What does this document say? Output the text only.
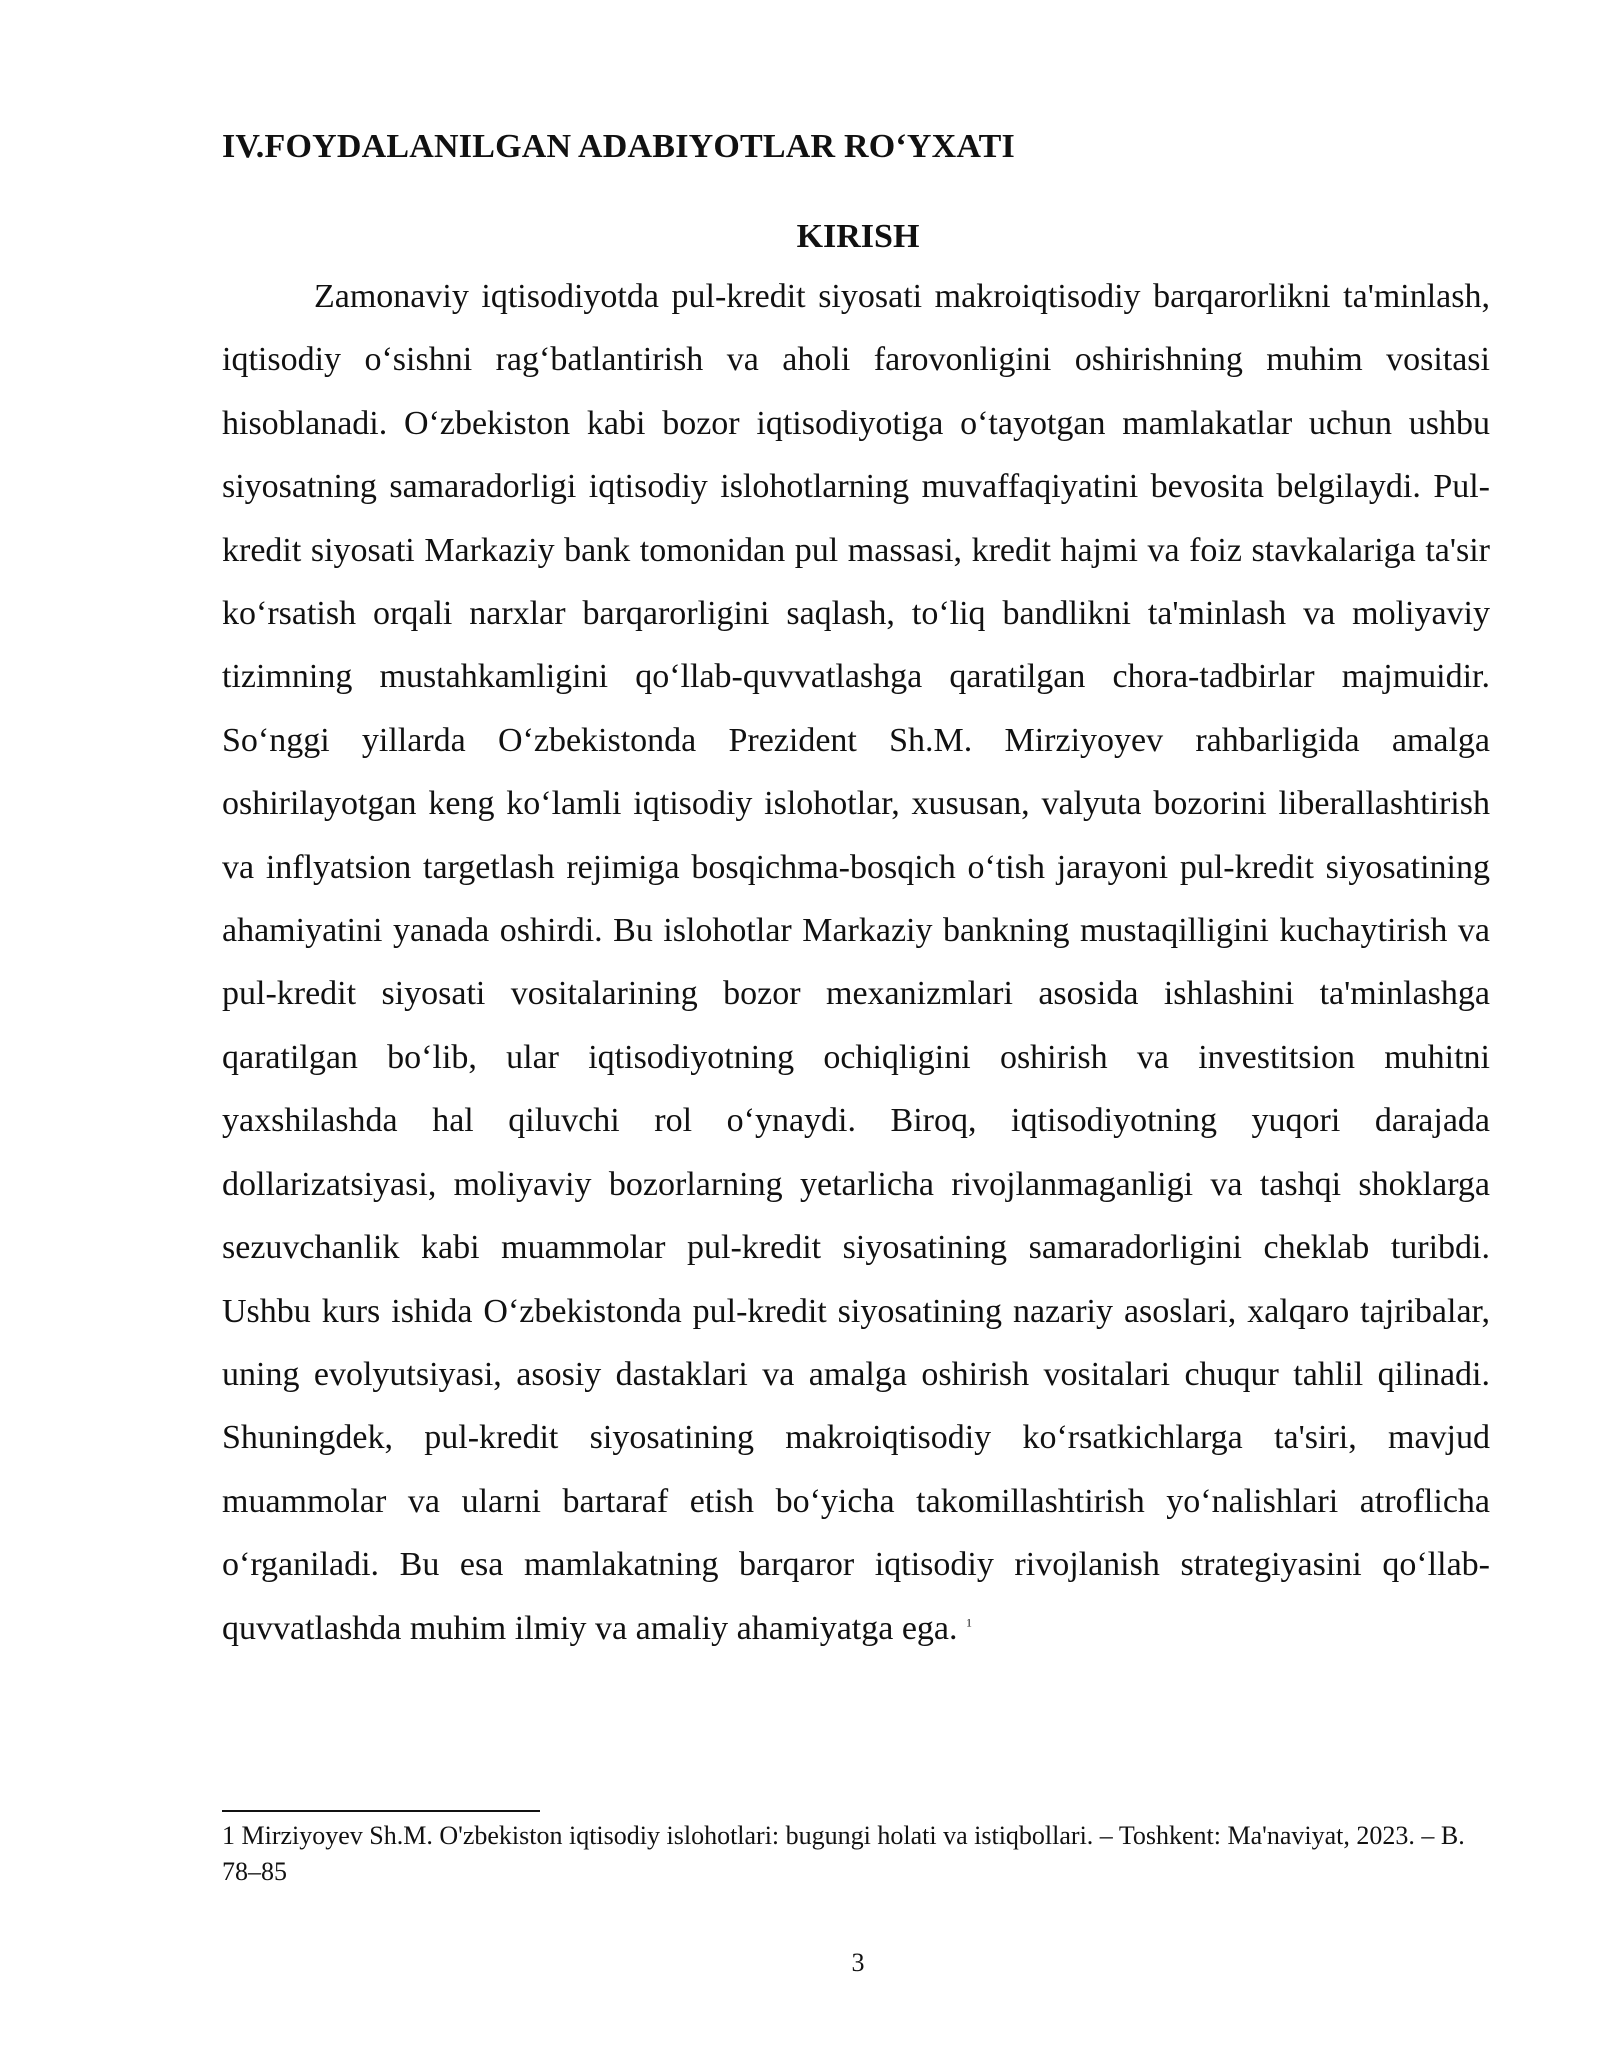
IV.FOYDALANILGAN ADABIYOTLAR RO‘YXATI
KIRISH

Zamonaviy iqtisodiyotda pul-kredit siyosati makroiqtisodiy barqarorlikni ta'minlash, iqtisodiy o‘sishni rag‘batlantirish va aholi farovonligini oshirishning muhim vositasi hisoblanadi. O‘zbekiston kabi bozor iqtisodiyotiga o‘tayotgan mamlakatlar uchun ushbu siyosatning samaradorligi iqtisodiy islohotlarning muvaffaqiyatini bevosita belgilaydi. Pul-kredit siyosati Markaziy bank tomonidan pul massasi, kredit hajmi va foiz stavkalariga ta'sir ko‘rsatish orqali narxlar barqarorligini saqlash, to‘liq bandlikni ta'minlash va moliyaviy tizimning mustahkamligini qo‘llab-quvvatlashga qaratilgan chora-tadbirlar majmuidir. So‘nggi yillarda O‘zbekistonda Prezident Sh.M. Mirziyoyev rahbarligida amalga oshirilayotgan keng ko‘lamli iqtisodiy islohotlar, xususan, valyuta bozorini liberallashtirish va inflyatsion targetlash rejimiga bosqichma-bosqich o‘tish jarayoni pul-kredit siyosatining ahamiyatini yanada oshirdi. Bu islohotlar Markaziy bankning mustaqilligini kuchaytirish va pul-kredit siyosati vositalarining bozor mexanizmlari asosida ishlashini ta'minlashga qaratilgan bo‘lib, ular iqtisodiyotning ochiqligini oshirish va investitsion muhitni yaxshilashda hal qiluvchi rol o‘ynaydi. Biroq, iqtisodiyotning yuqori darajada dollarizatsiyasi, moliyaviy bozorlarning yetarlicha rivojlanmaganligi va tashqi shoklarga sezuvchanlik kabi muammolar pul-kredit siyosatining samaradorligini cheklab turibdi. Ushbu kurs ishida O‘zbekistonda pul-kredit siyosatining nazariy asoslari, xalqaro tajribalar, uning evolyutsiyasi, asosiy dastaklari va amalga oshirish vositalari chuqur tahlil qilinadi. Shuningdek, pul-kredit siyosatining makroiqtisodiy ko‘rsatkichlarga ta'siri, mavjud muammolar va ularni bartaraf etish bo‘yicha takomillashtirish yo‘nalishlari atroflicha o‘rganiladi. Bu esa mamlakatning barqaror iqtisodiy rivojlanish strategiyasini qo‘llab-quvvatlashda muhim ilmiy va amaliy ahamiyatga ega. $^1$

1 Mirziyoyev Sh.M. O'zbekiston iqtisodiy islohotlari: bugungi holati va istiqbollari. – Toshkent: Ma'naviyat, 2023. – B. 78–85

3
